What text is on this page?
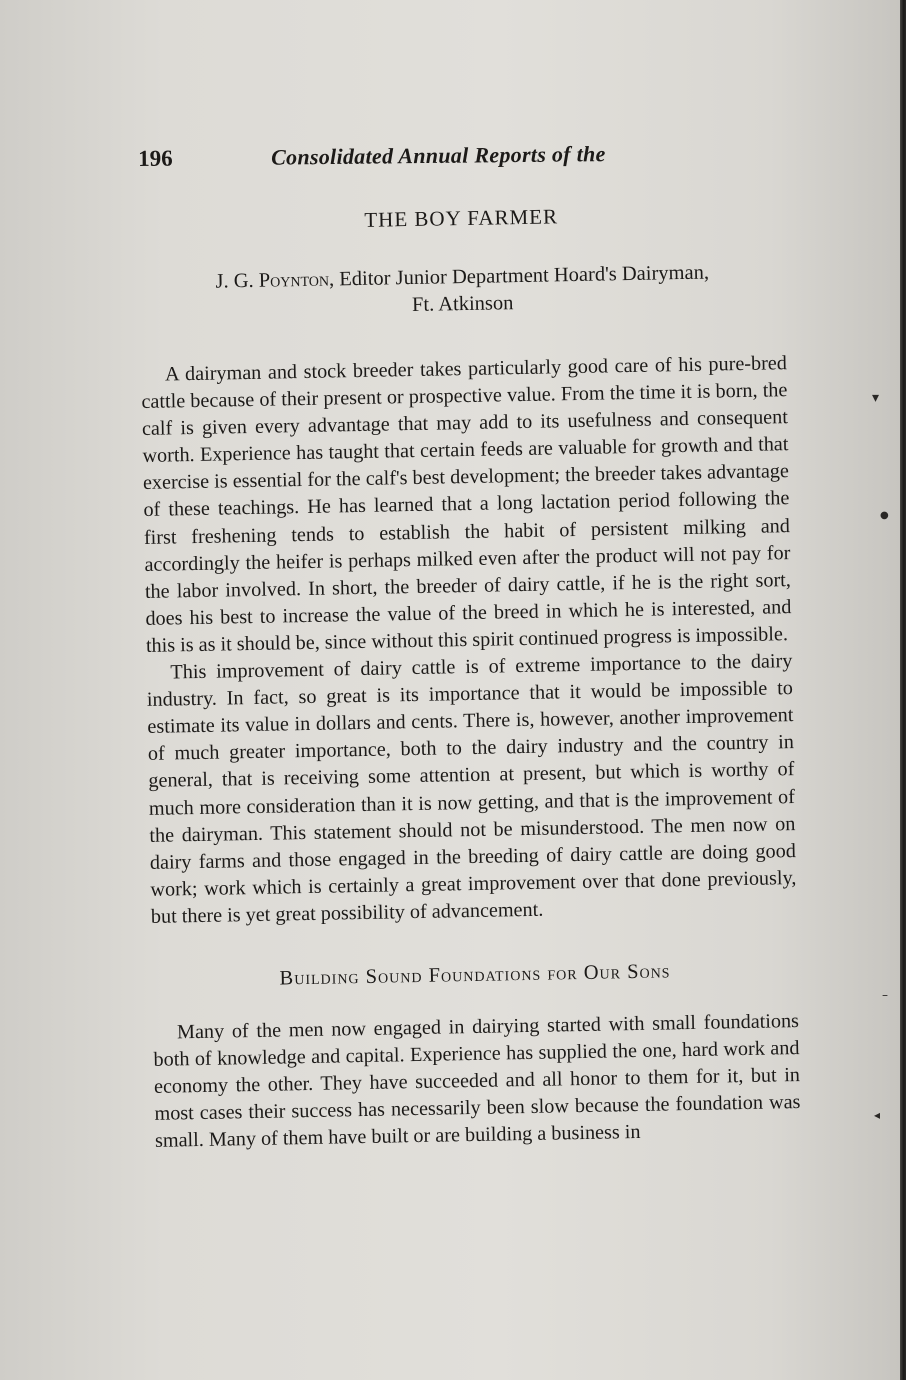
196	Consolidated Annual Reports of the
THE BOY FARMER
J. G. Poynton, Editor Junior Department Hoard's Dairyman,
Ft. Atkinson

A dairyman and stock breeder takes particularly good care of his pure-bred cattle because of their present or prospective value. From the time it is born, the calf is given every advantage that may add to its usefulness and consequent worth. Experience has taught that certain feeds are valuable for growth and that exercise is essential for the calf's best development; the breeder takes advantage of these teachings. He has learned that a long lactation period following the first freshening tends to establish the habit of persistent milking and accordingly the heifer is perhaps milked even after the product will not pay for the labor involved. In short, the breeder of dairy cattle, if he is the right sort, does his best to increase the value of the breed in which he is interested, and this is as it should be, since without this spirit continued progress is impossible.

This improvement of dairy cattle is of extreme importance to the dairy industry. In fact, so great is its importance that it would be impossible to estimate its value in dollars and cents. There is, however, another improvement of much greater importance, both to the dairy industry and the country in general, that is receiving some attention at present, but which is worthy of much more consideration than it is now getting, and that is the improvement of the dairyman. This statement should not be misunderstood. The men now on dairy farms and those engaged in the breeding of dairy cattle are doing good work; work which is certainly a great improvement over that done previously, but there is yet great possibility of advancement.

Building Sound Foundations for Our Sons

Many of the men now engaged in dairying started with small foundations both of knowledge and capital. Experience has supplied the one, hard work and economy the other. They have succeeded and all honor to them for it, but in most cases their success has necessarily been slow because the foundation was small. Many of them have built or are building a business in

▾
●
–
◂
